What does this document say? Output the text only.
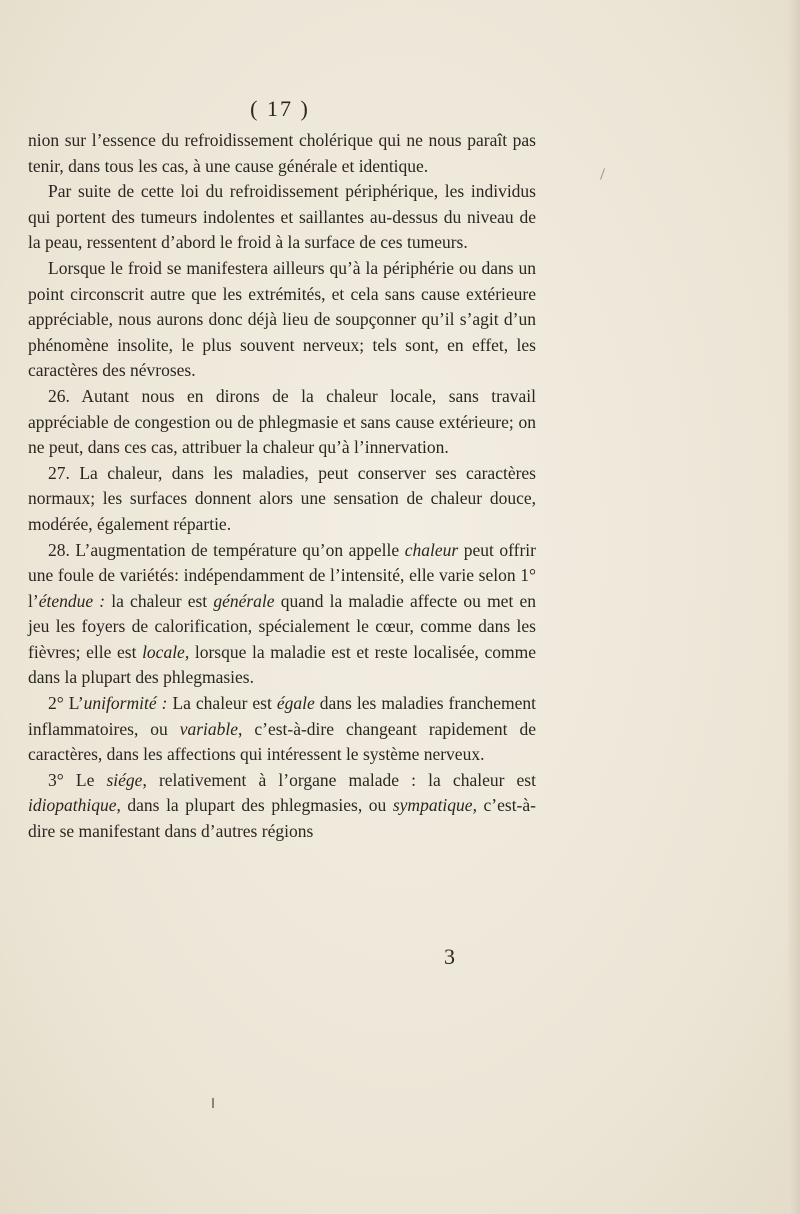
( 17 )

nion sur l’essence du refroidissement cholérique qui ne nous paraît pas tenir, dans tous les cas, à une cause générale et identique.

Par suite de cette loi du refroidissement périphérique, les individus qui portent des tumeurs indolentes et saillantes au-dessus du niveau de la peau, ressentent d’abord le froid à la surface de ces tumeurs.

Lorsque le froid se manifestera ailleurs qu’à la périphérie ou dans un point circonscrit autre que les extrémités, et cela sans cause extérieure appréciable, nous aurons donc déjà lieu de soupçonner qu’il s’agit d’un phénomène insolite, le plus souvent nerveux; tels sont, en effet, les caractères des névroses.

26. Autant nous en dirons de la chaleur locale, sans travail appréciable de congestion ou de phlegmasie et sans cause extérieure; on ne peut, dans ces cas, attribuer la chaleur qu’à l’innervation.

27. La chaleur, dans les maladies, peut conserver ses caractères normaux; les surfaces donnent alors une sensation de chaleur douce, modérée, également répartie.

28. L’augmentation de température qu’on appelle chaleur peut offrir une foule de variétés: indépendamment de l’intensité, elle varie selon 1° l’étendue : la chaleur est générale quand la maladie affecte ou met en jeu les foyers de calorification, spécialement le cœur, comme dans les fièvres; elle est locale, lorsque la maladie est et reste localisée, comme dans la plupart des phlegmasies.

2° L’uniformité : La chaleur est égale dans les maladies franchement inflammatoires, ou variable, c’est-à-dire changeant rapidement de caractères, dans les affections qui intéressent le système nerveux.

3° Le siége, relativement à l’organe malade : la chaleur est idiopathique, dans la plupart des phlegmasies, ou sympatique, c’est-à-dire se manifestant dans d’autres régions

3
